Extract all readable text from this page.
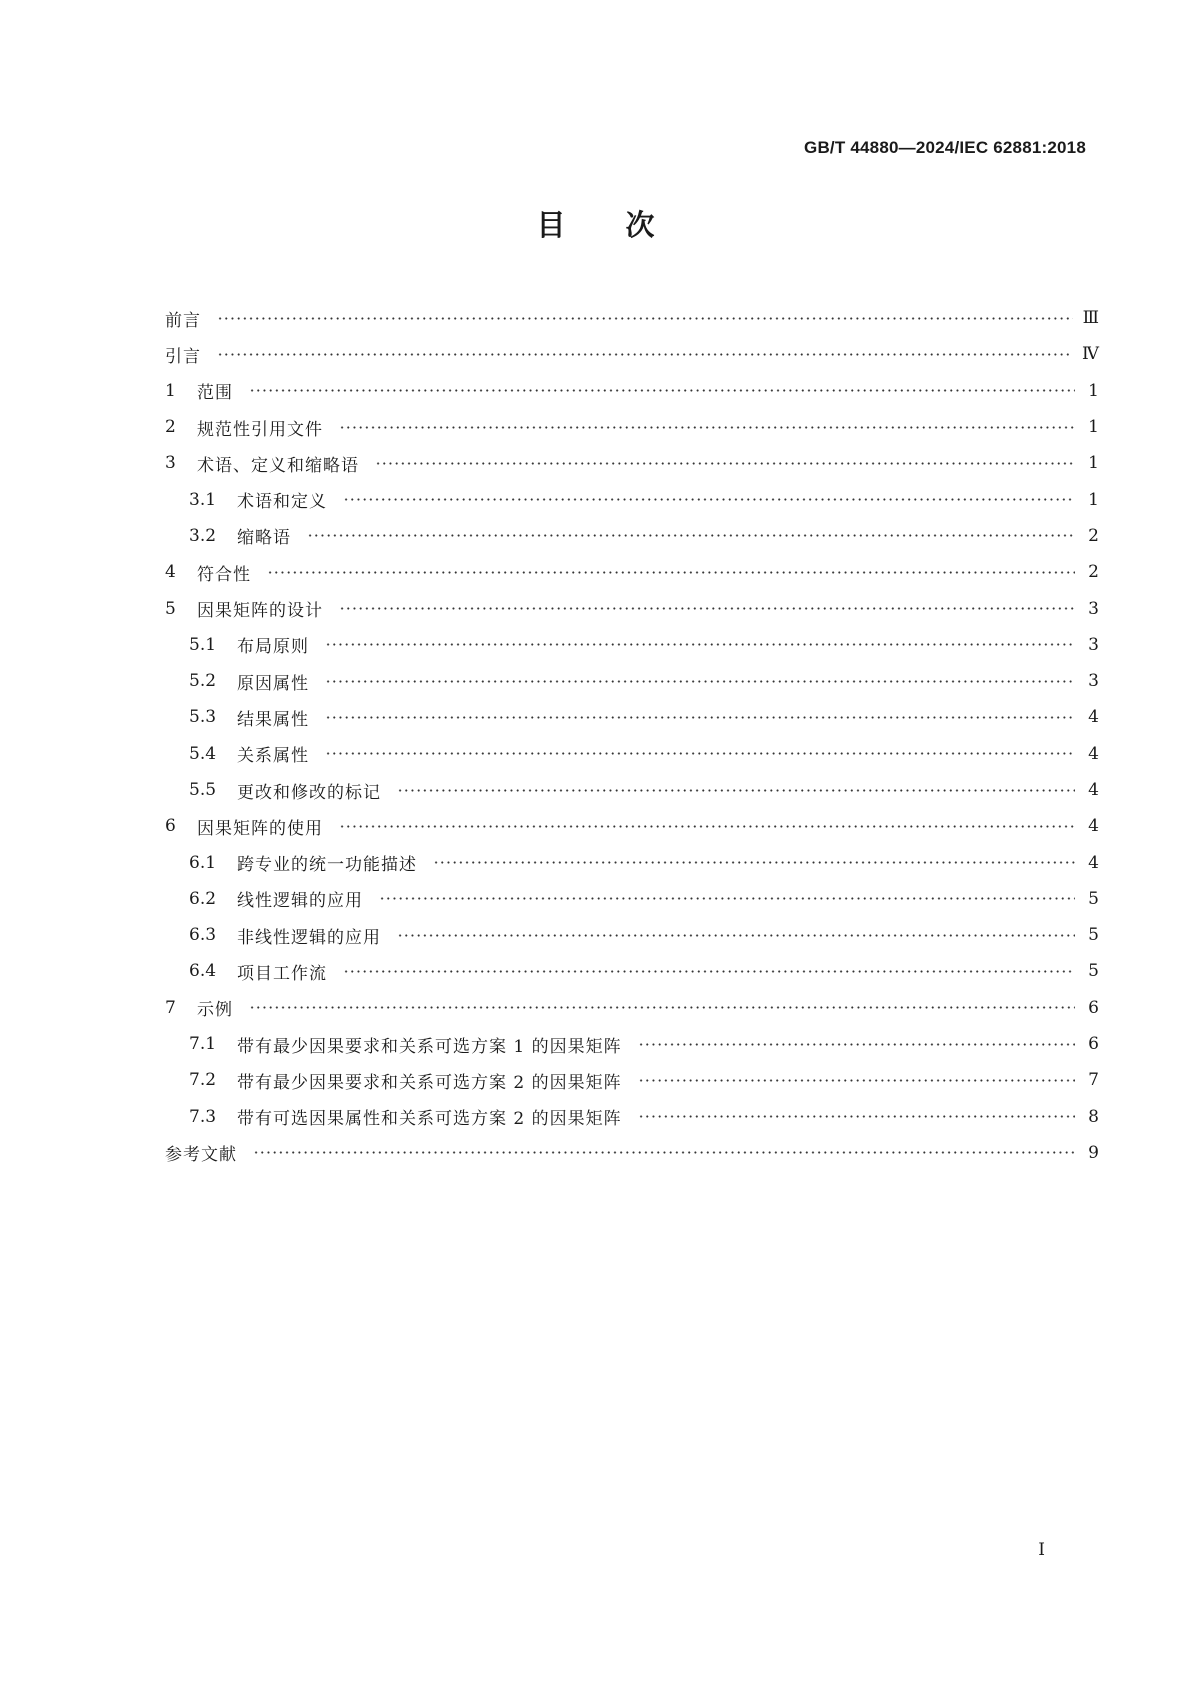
GB/T 44880—2024/IEC 62881:2018
目次
前言	Ⅲ
引言	Ⅳ
1	范围	1
2	规范性引用文件	1
3	术语、定义和缩略语	1
3.1	术语和定义	1
3.2	缩略语	2
4	符合性	2
5	因果矩阵的设计	3
5.1	布局原则	3
5.2	原因属性	3
5.3	结果属性	4
5.4	关系属性	4
5.5	更改和修改的标记	4
6	因果矩阵的使用	4
6.1	跨专业的统一功能描述	4
6.2	线性逻辑的应用	5
6.3	非线性逻辑的应用	5
6.4	项目工作流	5
7	示例	6
7.1	带有最少因果要求和关系可选方案 1 的因果矩阵	6
7.2	带有最少因果要求和关系可选方案 2 的因果矩阵	7
7.3	带有可选因果属性和关系可选方案 2 的因果矩阵	8
参考文献	9
Ⅰ
